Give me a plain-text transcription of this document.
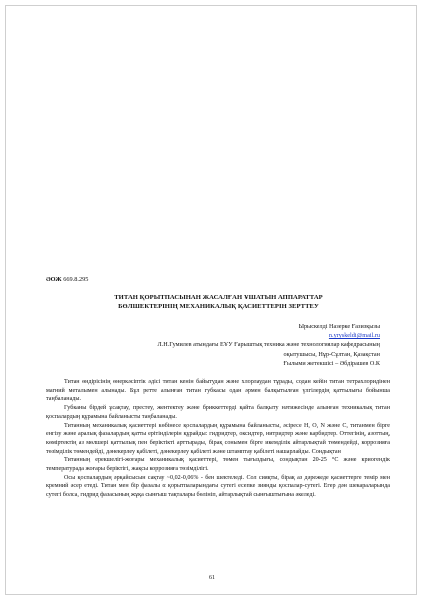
ӘОЖ 669.8.295
ТИТАН ҚОРЫТПАСЫНАН ЖАСАЛҒАН ҰШАТЫН АППАРАТТАР
БӨЛШЕКТЕРІНІҢ МЕХАНИКАЛЫҚ ҚАСИЕТТЕРІН ЗЕРТТЕУ
Ырыскелді Назерке Ғазизқызы
n.yryskeldi@mail.ru
Л.Н.Гумилев атындағы ЕҰУ Ғарыштық техника және технологиялар кафедрасының
оқытушысы, Нұр-Сұлтан, Қазақстан
Ғылыми жетекшісі – Әбдірашев О.К

Титан өндірісінің өнеркәсіптік әдісі титан кенін байытудан және хлорлаудан тұрады, содан кейін титан тетрахлоридінен магний металымен алынады. Бұл ретте алынған титан губкасы одан әрмен балқытылған үлгілердің қаттылығы бойынша таңбаланады.

Губканы бірдей ұсақтау, престеу, жентектеу және бриккеттерді қайта балқыту нәтижесінде алынған техникалық титан қоспалардың құрамына байланысты таңбаланады.

Титанның механикалық қасиеттері көбінесе қоспалардың құрамына байланысты, әсіресе H, O, N және C, титанмен бірге енгізу және аралық фазалардың қатты ерітінділерін құрайды: гидридтер, оксидтер, нитридтер және карбидтер. Оттегінің, азоттың, көміртектің аз мөлшері қаттылық пен беріктікті арттырады, бірақ сонымен бірге икемділік айтарлықтай төмендейді, коррозияға төзімділік төмендейді, дәнекерлеу қабілеті, дәнекерлеу қабілеті және штамптау қабілеті нашарлайды. Сондықтан

Титанның ерекшелігі-жоғары механикалық қасиеттері, төмен тығыздығы, сондықтан 20-25 °С және криогендік температурада жоғары беріктігі, жақсы коррозияға төзімділігі.

Осы қоспалардың әрқайсысын сақтау ~0,02-0,06% - бен шектеледі. Сол сияқты, бірақ аз дәрежеде қасиеттерге темір мен кремний әсер етеді. Титан мен бір фазалы α қорытпаларындағы сутегі есепке зиянды қоспалар-сутегі. Егер дән шекараларында сутегі болса, гидрид фазасының жұқа сынғыш тақталары бөлініп, айтарлықтай сынғыштығына әкеледі.

61
